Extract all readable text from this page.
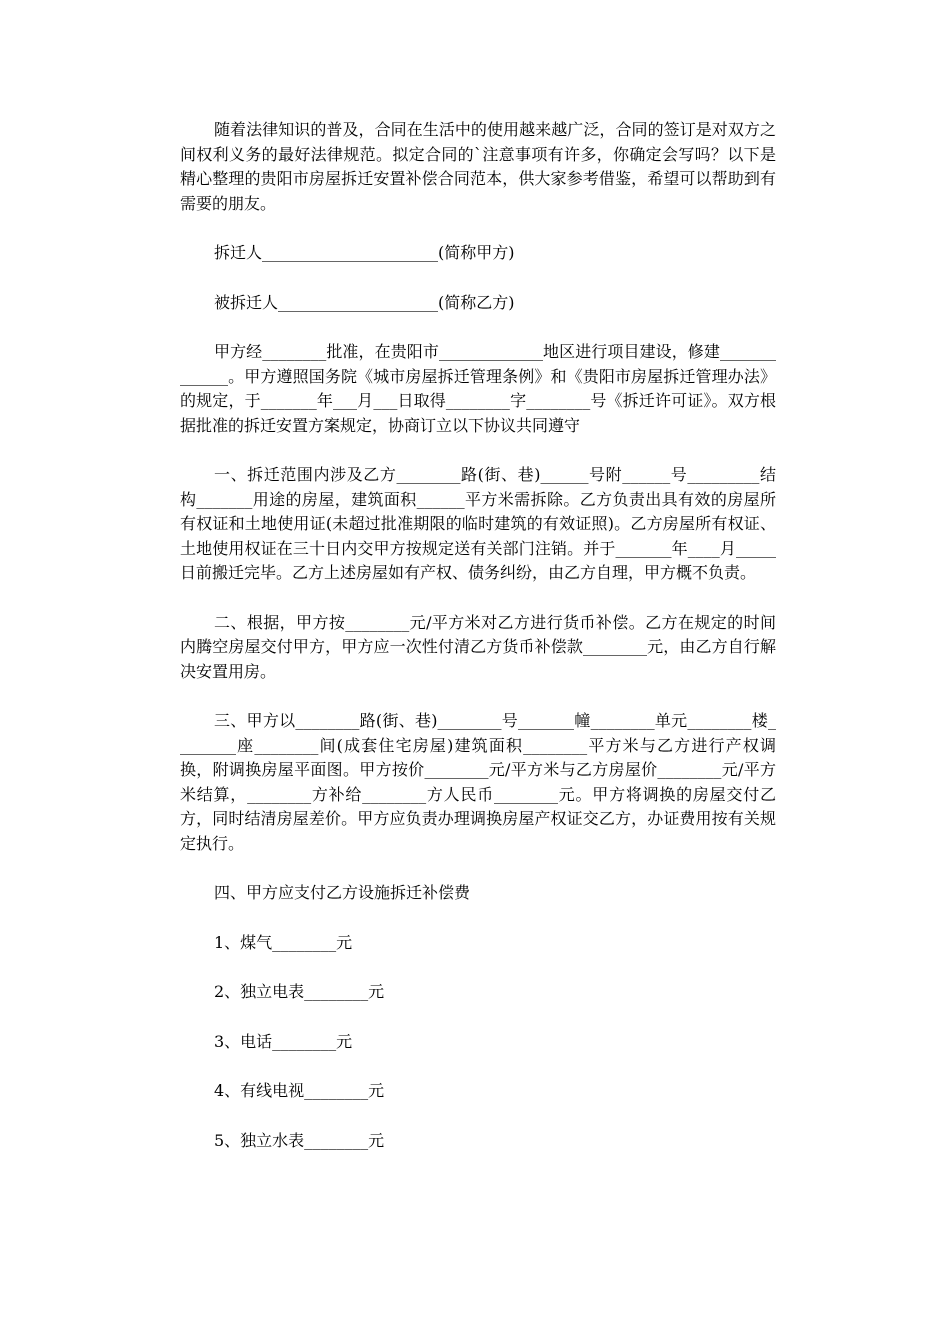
随着法律知识的普及，合同在生活中的使用越来越广泛，合同的签订是对双方之间权利义务的最好法律规范。拟定合同的`注意事项有许多，你确定会写吗？以下是精心整理的贵阳市房屋拆迁安置补偿合同范本，供大家参考借鉴，希望可以帮助到有需要的朋友。

拆迁人______________________(简称甲方)

被拆迁人____________________(简称乙方)

甲方经________批准，在贵阳市_____________地区进行项目建设，修建_____________。甲方遵照国务院《城市房屋拆迁管理条例》和《贵阳市房屋拆迁管理办法》的规定，于_______年___月___日取得________字________号《拆迁许可证》。双方根据批准的拆迁安置方案规定，协商订立以下协议共同遵守

一、拆迁范围内涉及乙方________路(街、巷)______号附______号_________结构_______用途的房屋，建筑面积______平方米需拆除。乙方负责出具有效的房屋所有权证和土地使用证(未超过批准期限的临时建筑的有效证照)。乙方房屋所有权证、土地使用权证在三十日内交甲方按规定送有关部门注销。并于_______年____月_____日前搬迁完毕。乙方上述房屋如有产权、债务纠纷，由乙方自理，甲方概不负责。

二、根据，甲方按________元/平方米对乙方进行货币补偿。乙方在规定的时间内腾空房屋交付甲方，甲方应一次性付清乙方货币补偿款________元，由乙方自行解决安置用房。

三、甲方以________路(街、巷)________号_______幢________单元________楼________座________间(成套住宅房屋)建筑面积________平方米与乙方进行产权调换，附调换房屋平面图。甲方按价________元/平方米与乙方房屋价________元/平方米结算，________方补给________方人民币________元。甲方将调换的房屋交付乙方，同时结清房屋差价。甲方应负责办理调换房屋产权证交乙方，办证费用按有关规定执行。

四、甲方应支付乙方设施拆迁补偿费

1、煤气________元

2、独立电表________元

3、电话________元

4、有线电视________元

5、独立水表________元
